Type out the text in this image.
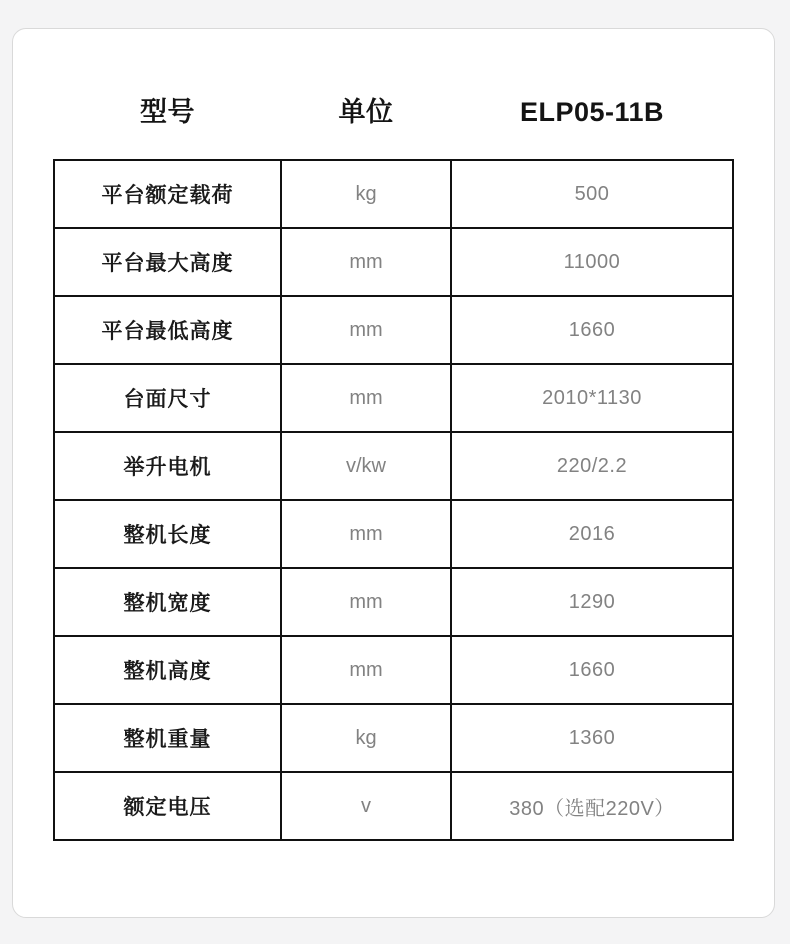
型号	单位	ELP05-11B
平台额定载荷	kg	500
平台最大高度	mm	11000
平台最低高度	mm	1660
台面尺寸	mm	2010*1130
举升电机	v/kw	220/2.2
整机长度	mm	2016
整机宽度	mm	1290
整机高度	mm	1660
整机重量	kg	1360
额定电压	v	380（选配220V）
